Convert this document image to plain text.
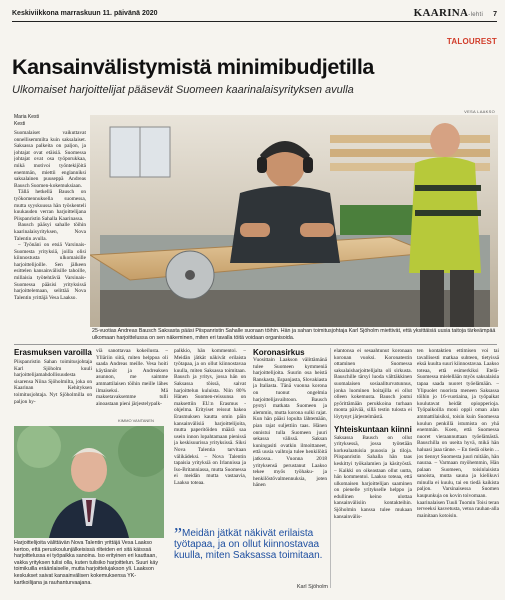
Keskiviikkona marraskuun 11. päivänä 2020	KAARINA-lehti 7
TALOUREST
Kansainvälistymistä minimibudjetilla
Ulkomaiset harjoittelijat pääsevät Suomeen kaarinalaisyrityksen avulla
Maria Kesti
Kesti
VESA LAAKSO

Suomalaiset vaikuttavat onnellisemmilta kuin saksalaiset. Saksassa palkeita on paljon, ja johtajat ovat etäisiä. Suomessa johtajat ovat osa työporukkaa, mikä motivoi työntekijöitä enemmän, miettii englanniksi saksalainen puuseppä Andreas Bausch Suomen-kokemuksiaan.

Tällä hetkellä Bausch on työkomennuksella suomessa, mutta syyskuussa hän työskenteli kuukauden verran harjoittelijana Piispanristin Sahalla Kaarinassa.

Bausch pääsyi sahalle töihin kaarinalaisyrityksen, Nova Talentin avulla.

– Työnäni on etsiä Varsinais-Suomesta yrityksiä, joilla olisi kiinnostusta ulkomaisille harjoittelijoille. Sen jälkeen esittelen kansainvälisille tahoille, millaisia työtehtäviä Varsinais-Suomessa pääsisi yrityksissä harjoittelemaan, selittää Nova Talentin yrittäjä Vesa Laakso.

25-vuotias Andreas Bausch Saksasta pääsi Piispanristin Sahalle suoraan töihin. Hän ja sahan toimitusjohtaja Karl Sjöholm miettivät, että yksittäisiä uusia taitoja tärkeämpää ulkomaan harjoittelussa on sen näkeminen, miten eri tavalla töitä voidaan organisoida.
Erasmuksen varoilla
Piispanristin Sahan toimitusjohtaja Karl Sjöholm kuuli harjoittelijamahdollisuudesta sisarensa Niina Sjöholmilta, joka on Kaarinan Kehityksen toimitusjohtaja. Nyt Sjöholmilla on paljon hy-
viä sanottavaa kokeilusta. – Ylläriin siitä, miten helppoa oli saada Andreas meille. Vesa hoiti käytännöt ja Andreaksen asunnon, me saimme ammattilaisen töihin meille lähes ilmaiseksi. Mä maksetavaksemme tulli ainoastaan pieni järjestelypalk-
palkkio, hän kommentoi. – Meidän jätkät näkivät erilaista työtapaa, ja on ollut kiinnostavaa kuulla, miten Saksassa toimitaan. Bausch ja yritys, jossa hän on Saksassa töissä, saivat harjoittelun kuluista. Niin 80% Hänen Suomen-reissunsa on maksettiin EU:n Erasmus -ohjelma. Erityiset reissut hakea Erasmuksen kautta omin päin kansainvälisiä harjoittelijoita, mutta paperitöiden määrä saa usein innon lopahtamaan pienissä ja keskisuurissa yrityksissä. Siksi Nova Talentia tarvitaan välikädeksi. – Nova Talentin tapaisia yrityksiä on Irlannissa ja Iso-Britanniassa, mutta Suomessa ei meidän mutta vastaavia, Laakso toteaa.
Koronasirkus
Vuosittain Laakson välittämänä tulee Suomeen kymmeniä harjoittelijoita. Suurin osa heistä Ranskasta, Espanjasta, Slovakiasta ja Italiasta. Tänä vuonna korona on tuonut ongelmia harjoittelijavaihtoon. Bausch pystyi matkata Suomeen ja alemmin, mutta korona sulki rajat. Kun hän pääsi lopulta lähtemään, pian rajat suljettiin taas. Hänen onnistui tulla Suomeen juuri sekassa välissä. Saksan kuningasiti ovatkin ilmoittaneet, että uusia vaihtoja tulee henkilöitä jatkossa.. Vuonna 2018 yrityksensä perustanut Laakso tekee myös työhaku- ja henkilöstövalmennuksia, joten hänen
elantonsa ei sesaahtunut koronaan koronan vuoksi. Koronatestin ottaminen Suomessa saksalaisharjoittelijalta oli sirkusta. Bauschille tärsyi luoda välttäkkinen suomalaisen sosiaaliturvatunnus, jonka luominen hoitajilla ei ollut olleen kokemusta. Bausch joutui pyörittämään perukkoina turhaan monta päivää, sillä testin tulosta ei löytynyt järjestelmästä.
Yhteiskuntaan kiinni
Saksassa Bausch on ollut yrityksessä, jossa työtetään korkealaatuisia puuosia ja tiloja. Piispanristin Sahalla hän taas keskittyi työkalamien ja käsityöstä. – Kaikki on oikeastaan ollut uutta, hän kommentoi. Laakso toteaa, että ulkomaisen harjoittelijan saaminen on pienelle yritykselle helppo ja edullinen keino ulottaa kansainvälisiin kontakteihin. Sjöholmin kanssa tulee mukaan kansainvälis-
ten kontaktien ettimisen voi tai tavallisesti matkaa suhteen, tietyissä eksä kuulta suuri kiinnostavaa. Laakso toteaa, että esimerkiksi Etelä-Suomessa mielellään myös saksalaisia tapaa saada nuoret työelämään. – Ylipuolet nuorista meneen Saksassa töihin jo 16-vuotiaina, ja työpaikat koulutavat heidät opiopperioja. Työpaikoilla moni oppii oman alan ammattilaisiksi, toisin kuin Suomessa koulun penkillä istumista on yhä enemmän. Koen, että Suomessa nuoret vieraannuttaan työelämästä. Bauschilla on useita hyvä, mikä hän haluasi jaaa tänne. – En tiedä oikein ... jos tiennyt Suomesta juuri mitään, hän nauraa. – Varmaan myöhemmin, Hän palaan Suomeen, toisinlaisista sanoista, mutta sauna ja kielikuvi minulla ei kuulu, tai en tiedä kaikista paljon. Varsinaisessa Suomen kaupunkuja on kovin toivomaan.
kaarinalaisen Tuuli Tuomin Toisi teran terveeksi kasvetusta, vetoa rauhan-alla mainitaan kotoisin.
KIMMO VANTANEN
Harjoittelijoita välittävän Nova Talentin yrittäjä Vesa Laakso kertoo, että peruskoulunjälkeisissä rilteiden eri sitä käisssä harjoittelussa ei työpaikka sanoina. Iso erityinen eri kauttaan, vakka yrityksen tulisi olla, kuten tulisiko harjoittelun. Suuri käy toimikuilla eräänlaiselle, mutta harjoittelujakson yli. Laakson keskukset saivat kansainvälisen kokemuksensa YK-kartkoilijana ja rauhanturvaajana.
”Meidän jätkät näkivät erilaista työtapaa, ja on ollut kiinnostavaa kuulla, miten Saksassa toimitaan.
Karl Sjöholm
